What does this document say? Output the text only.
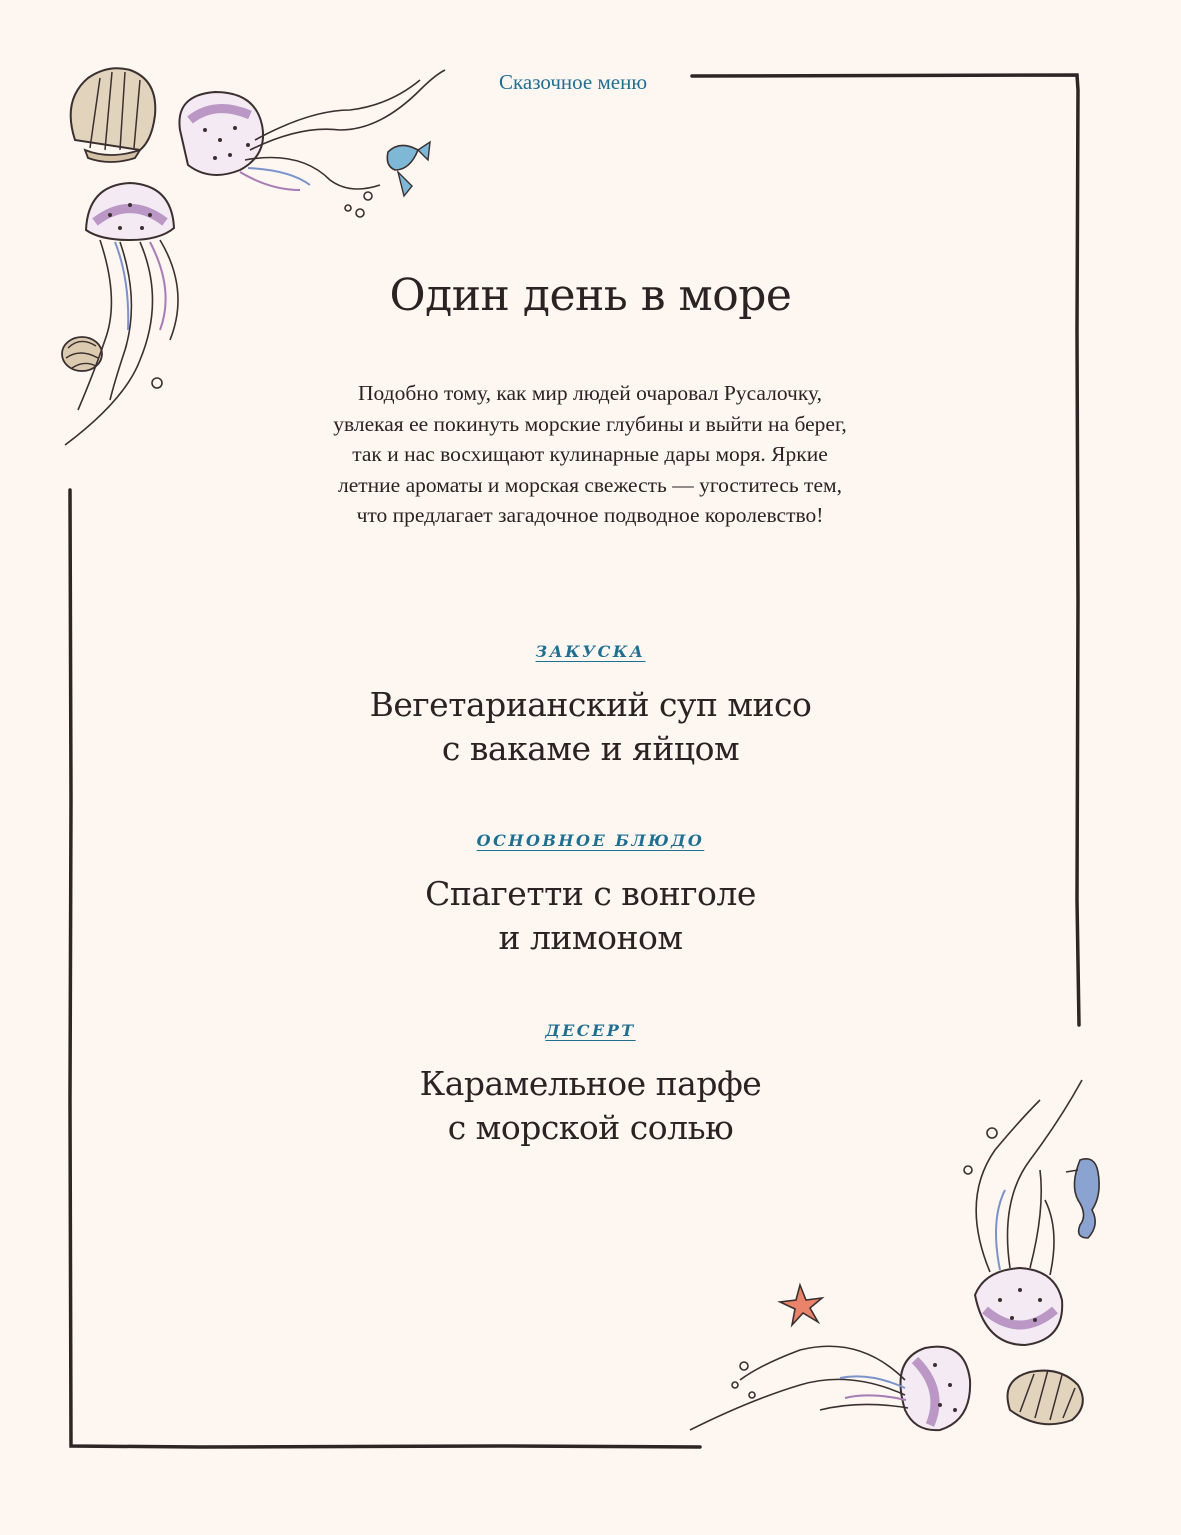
Сказочное меню
Один день в море
Подобно тому, как мир людей очаровал Русалочку,
увлекая ее покинуть морские глубины и выйти на берег,
так и нас восхищают кулинарные дары моря. Яркие
летние ароматы и морская свежесть — угоститесь тем,
что предлагает загадочное подводное королевство!
ЗАКУСКА
Вегетарианский суп мисо
с вакаме и яйцом
ОСНОВНОЕ БЛЮДО
Спагетти с вонголе
и лимоном
ДЕСЕРТ
Карамельное парфе
с морской солью
